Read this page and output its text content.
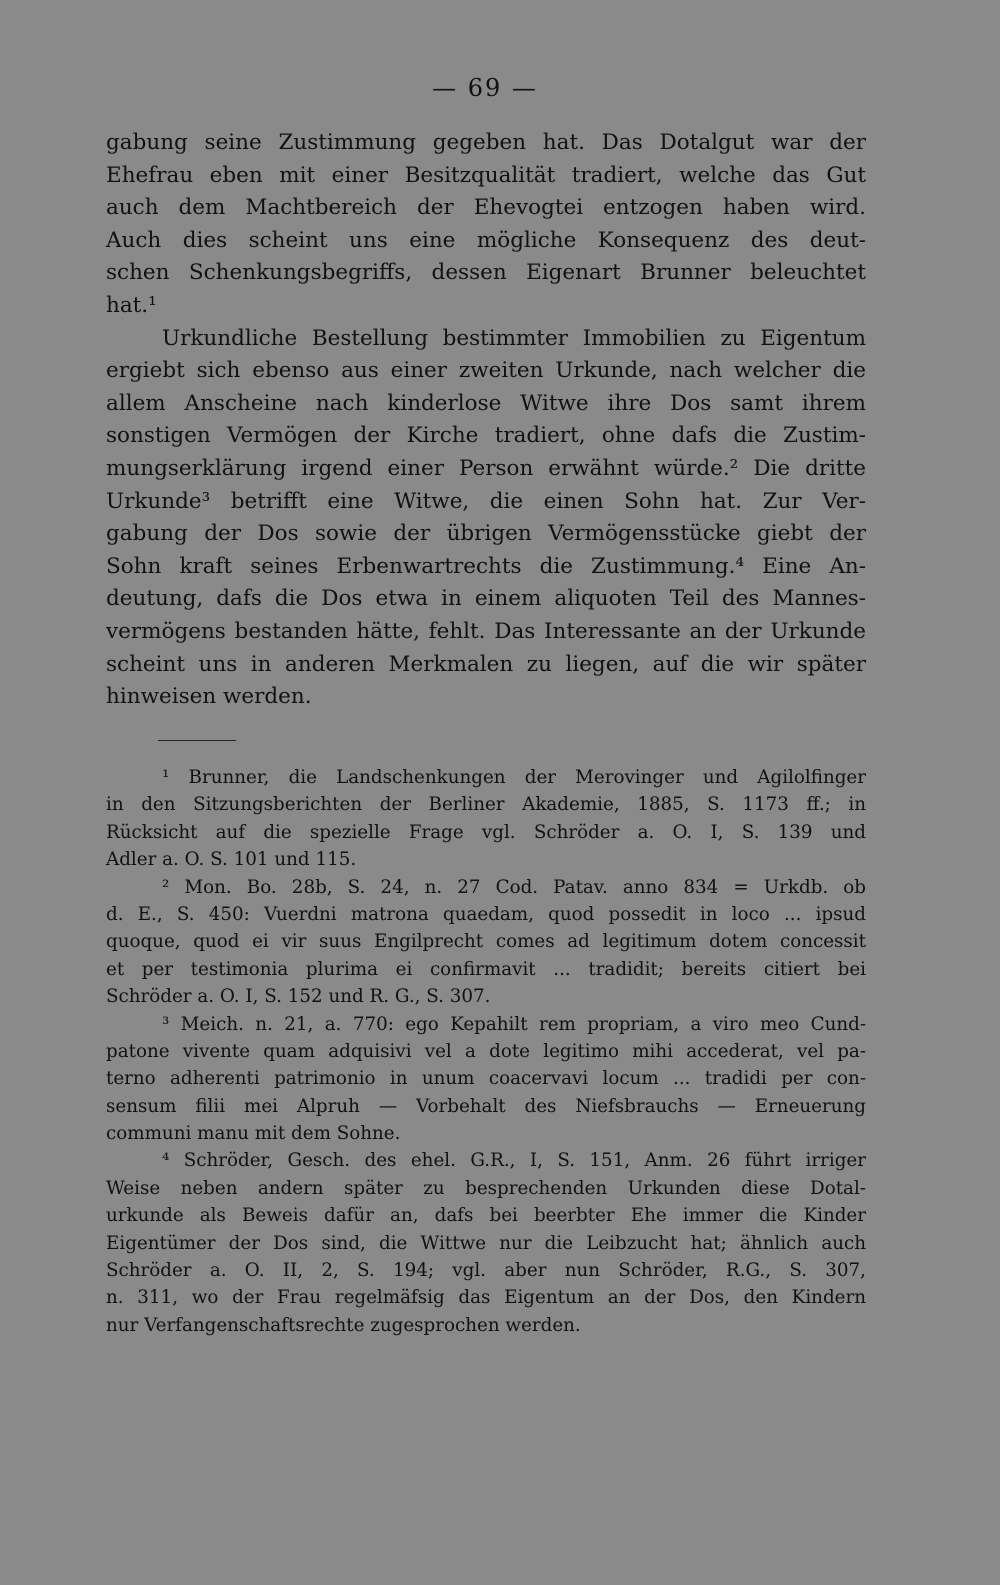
— 69 —
gabung seine Zustimmung gegeben hat. Das Dotalgut war der
Ehefrau eben mit einer Besitzqualität tradiert, welche das Gut
auch dem Machtbereich der Ehevogtei entzogen haben wird.
Auch dies scheint uns eine mögliche Konsequenz des deut-
schen Schenkungsbegriffs, dessen Eigenart Brunner beleuchtet
hat.¹
Urkundliche Bestellung bestimmter Immobilien zu Eigentum
ergiebt sich ebenso aus einer zweiten Urkunde, nach welcher die
allem Anscheine nach kinderlose Witwe ihre Dos samt ihrem
sonstigen Vermögen der Kirche tradiert, ohne dafs die Zustim-
mungserklärung irgend einer Person erwähnt würde.² Die dritte
Urkunde³ betrifft eine Witwe, die einen Sohn hat. Zur Ver-
gabung der Dos sowie der übrigen Vermögensstücke giebt der
Sohn kraft seines Erbenwartrechts die Zustimmung.⁴ Eine An-
deutung, dafs die Dos etwa in einem aliquoten Teil des Mannes-
vermögens bestanden hätte, fehlt. Das Interessante an der Urkunde
scheint uns in anderen Merkmalen zu liegen, auf die wir später
hinweisen werden.
¹ Brunner, die Landschenkungen der Merovinger und Agilolfinger
in den Sitzungsberichten der Berliner Akademie, 1885, S. 1173 ff.; in
Rücksicht auf die spezielle Frage vgl. Schröder a. O. I, S. 139 und
Adler a. O. S. 101 und 115.
² Mon. Bo. 28b, S. 24, n. 27 Cod. Patav. anno 834 = Urkdb. ob
d. E., S. 450: Vuerdni matrona quaedam, quod possedit in loco ... ipsud
quoque, quod ei vir suus Engilprecht comes ad legitimum dotem concessit
et per testimonia plurima ei confirmavit ... tradidit; bereits citiert bei
Schröder a. O. I, S. 152 und R. G., S. 307.
³ Meich. n. 21, a. 770: ego Kepahilt rem propriam, a viro meo Cund-
patone vivente quam adquisivi vel a dote legitimo mihi accederat, vel pa-
terno adherenti patrimonio in unum coacervavi locum ... tradidi per con-
sensum filii mei Alpruh — Vorbehalt des Niefsbrauchs — Erneuerung
communi manu mit dem Sohne.
⁴ Schröder, Gesch. des ehel. G.R., I, S. 151, Anm. 26 führt irriger
Weise neben andern später zu besprechenden Urkunden diese Dotal-
urkunde als Beweis dafür an, dafs bei beerbter Ehe immer die Kinder
Eigentümer der Dos sind, die Wittwe nur die Leibzucht hat; ähnlich auch
Schröder a. O. II, 2, S. 194; vgl. aber nun Schröder, R.G., S. 307,
n. 311, wo der Frau regelmäfsig das Eigentum an der Dos, den Kindern
nur Verfangenschaftsrechte zugesprochen werden.
